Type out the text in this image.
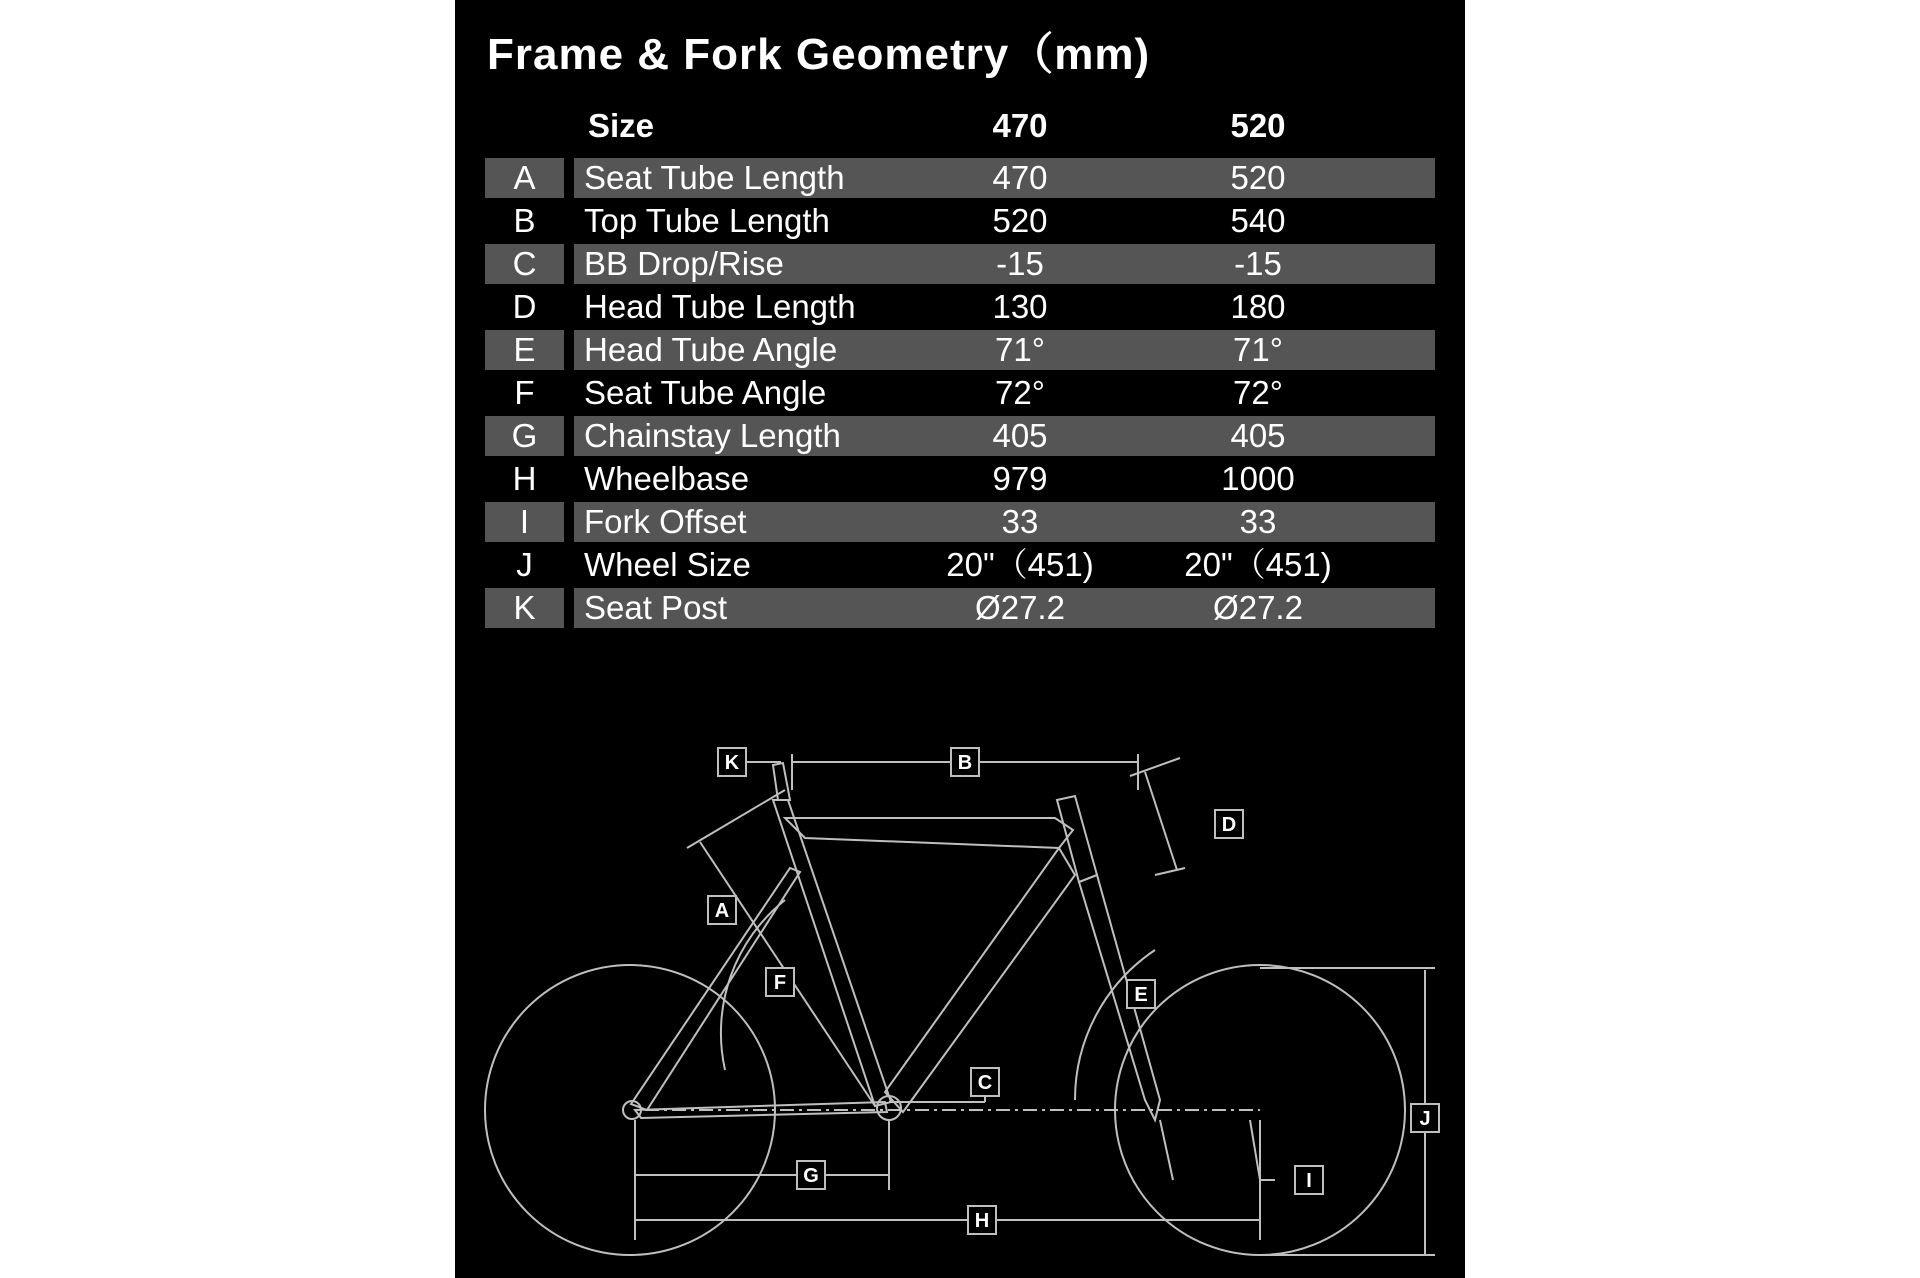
Frame & Fork Geometry（mm)
Size	470	520
A	Seat Tube Length	470	520
B	Top Tube Length	520	540
C	BB Drop/Rise	-15	-15
D	Head Tube Length	130	180
E	Head Tube Angle	71°	71°
F	Seat Tube Angle	72°	72°
G	Chainstay Length	405	405
H	Wheelbase	979	1000
I	Fork Offset	33	33
J	Wheel Size	20"（451)	20"（451)
K	Seat Post	Ø27.2	Ø27.2
K	B
D
A
F
E
C
J
G	I
H
